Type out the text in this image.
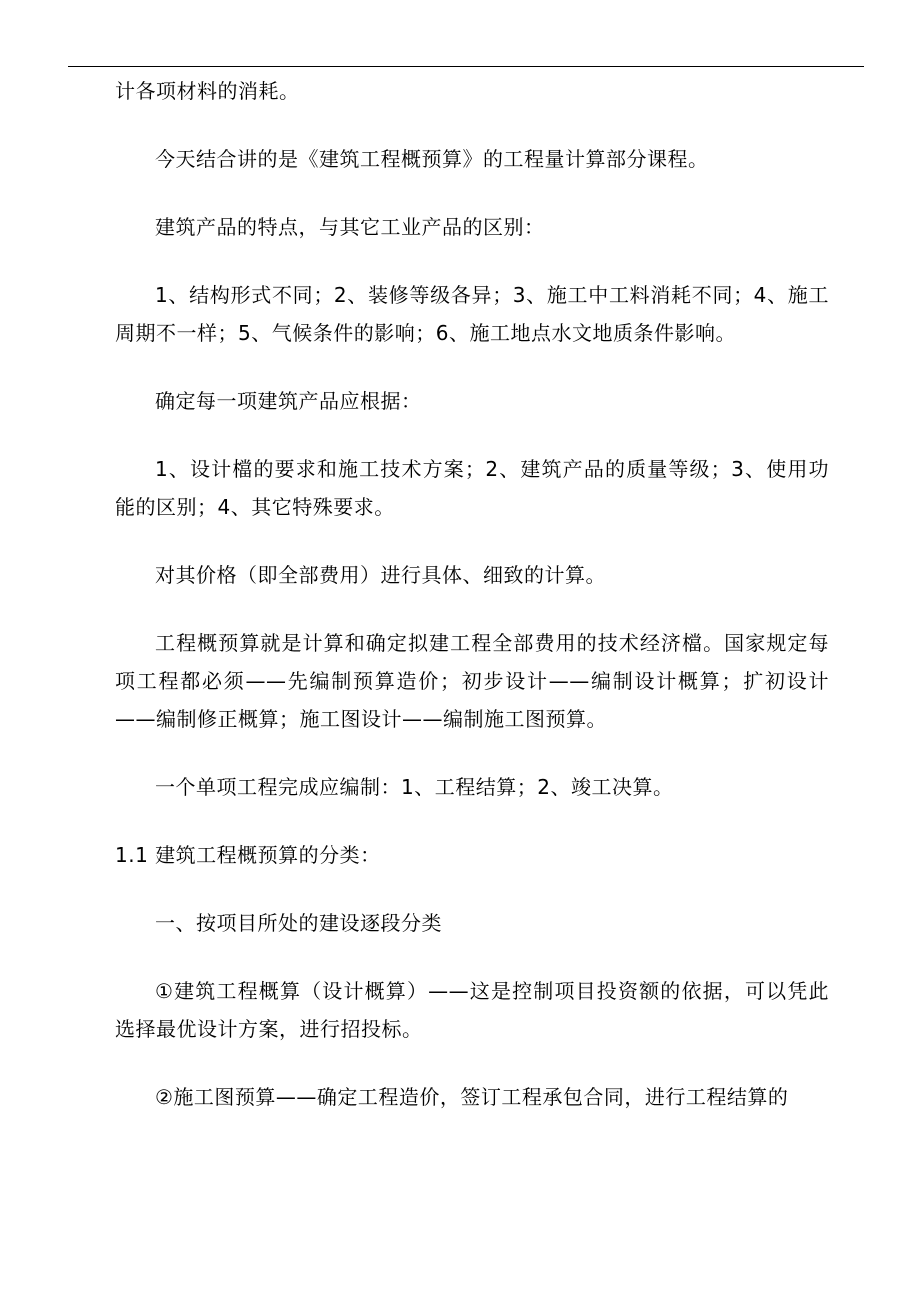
计各项材料的消耗。

今天结合讲的是《建筑工程概预算》的工程量计算部分课程。

建筑产品的特点，与其它工业产品的区别：

1、结构形式不同；2、装修等级各异；3、施工中工料消耗不同；4、施工周期不一样；5、气候条件的影响；6、施工地点水文地质条件影响。

确定每一项建筑产品应根据：

1、设计檔的要求和施工技术方案；2、建筑产品的质量等级；3、使用功能的区别；4、其它特殊要求。

对其价格（即全部费用）进行具体、细致的计算。

工程概预算就是计算和确定拟建工程全部费用的技术经济檔。国家规定每项工程都必须——先编制预算造价；初步设计——编制设计概算；扩初设计——编制修正概算；施工图设计——编制施工图预算。

一个单项工程完成应编制：1、工程结算；2、竣工决算。

1.1 建筑工程概预算的分类：

一、按项目所处的建设逐段分类

①建筑工程概算（设计概算）——这是控制项目投资额的依据，可以凭此选择最优设计方案，进行招投标。

②施工图预算——确定工程造价，签订工程承包合同，进行工程结算的
